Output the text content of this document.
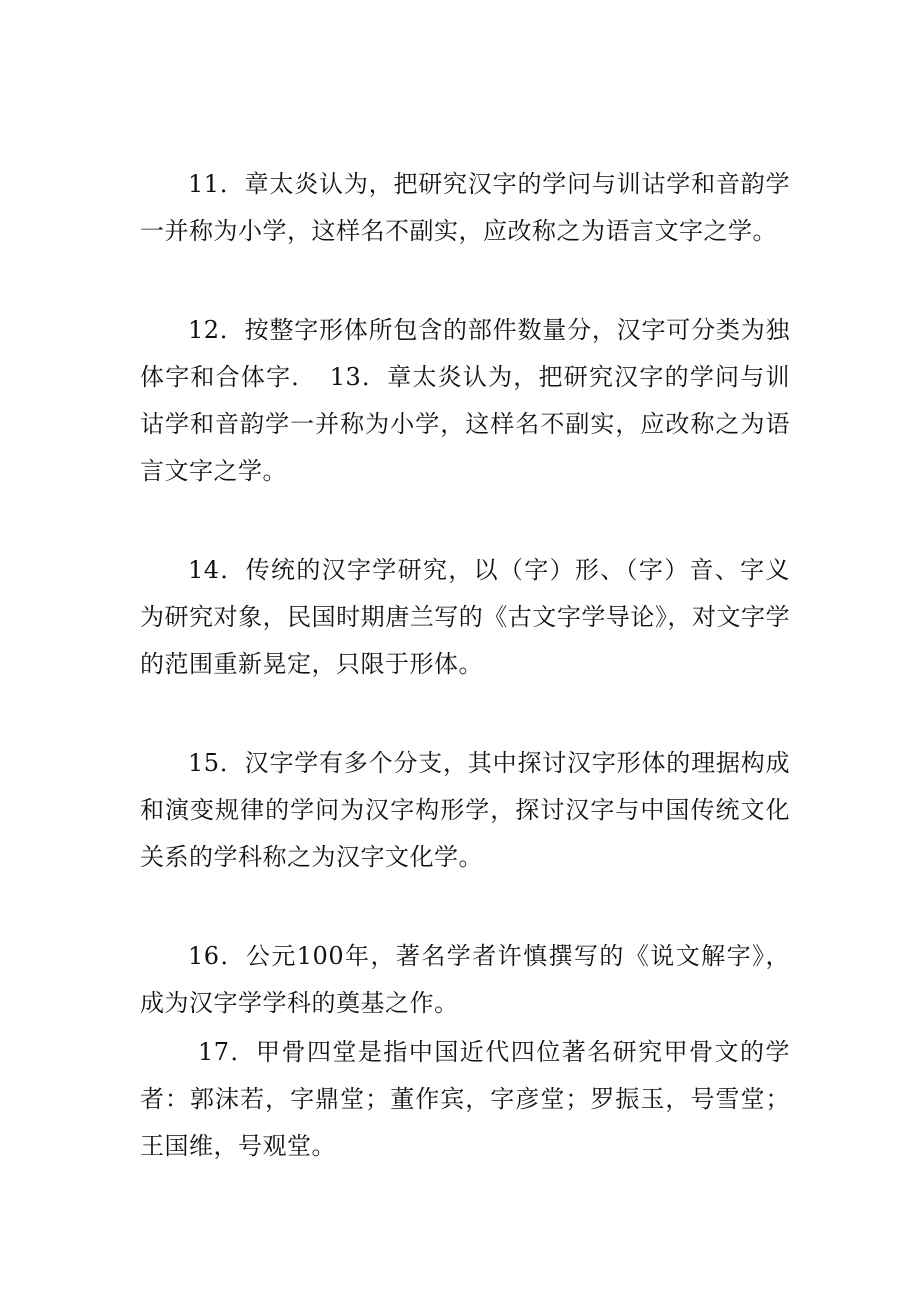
11．章太炎认为，把研究汉字的学问与训诂学和音韵学一并称为小学，这样名不副实，应改称之为语言文字之学。

12．按整字形体所包含的部件数量分，汉字可分类为独体字和合体字．　13．章太炎认为，把研究汉字的学问与训诂学和音韵学一并称为小学，这样名不副实，应改称之为语言文字之学。

14．传统的汉字学研究，以（字）形、（字）音、字义为研究对象，民国时期唐兰写的《古文字学导论》，对文字学的范围重新晃定，只限于形体。

15．汉字学有多个分支，其中探讨汉字形体的理据构成和演变规律的学问为汉字构形学，探讨汉字与中国传统文化关系的学科称之为汉字文化学。

16．公元100年，著名学者许慎撰写的《说文解字》，成为汉字学学科的奠基之作。

17．甲骨四堂是指中国近代四位著名研究甲骨文的学者：郭沫若，字鼎堂；董作宾，字彦堂；罗振玉，号雪堂；王国维，号观堂。
